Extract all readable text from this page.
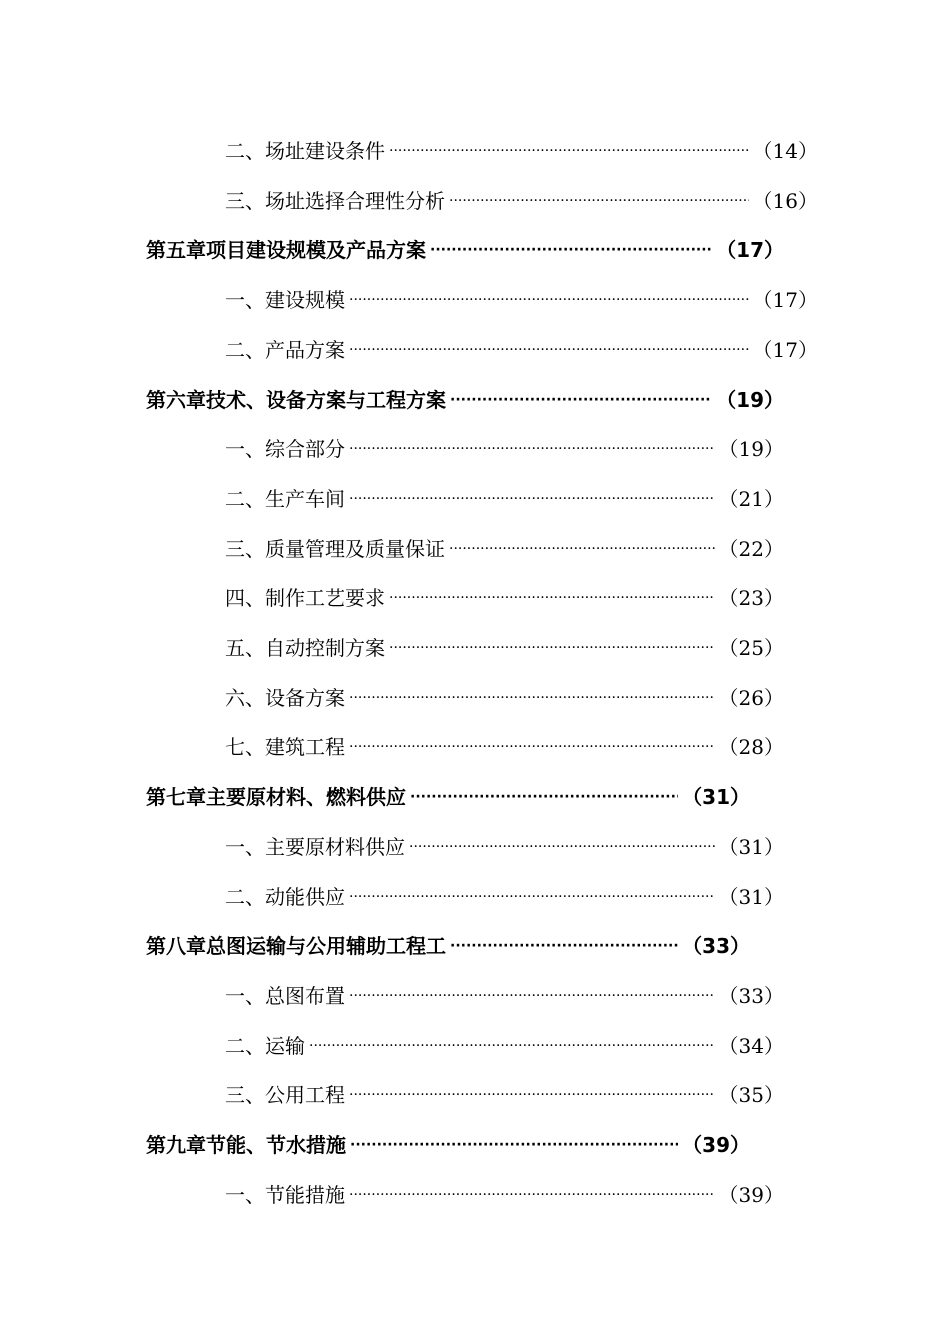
二、 场址建设条件 ·····	（14）
三、 场址选择合理性分析 ·····	（16）
第五章 项目建设规模及产品方案 ·····	（17）
一、 建设规模 ·····	（17）
二、 产品方案 ·····	（17）
第六章 技术、设备方案与工程方案 ·····	（19）
一、 综合部分 ·····	（19）
二、 生产车间 ·····	（21）
三、 质量管理及质量保证 ·····	（22）
四、 制作工艺要求 ·····	（23）
五、 自动控制方案 ·····	（25）
六、 设备方案 ·····	（26）
七、 建筑工程 ·····	（28）
第七章 主要原材料、燃料供应 ·····	（31）
一、 主要原材料供应 ·····	（31）
二、 动能供应 ·····	（31）
第八章 总图运输与公用辅助工程工 ·····	（33）
一、 总图布置 ·····	（33）
二、 运输 ·····	（34）
三、 公用工程 ·····	（35）
第九章 节能、节水措施 ·····	（39）
一、 节能措施 ·····	（39）
